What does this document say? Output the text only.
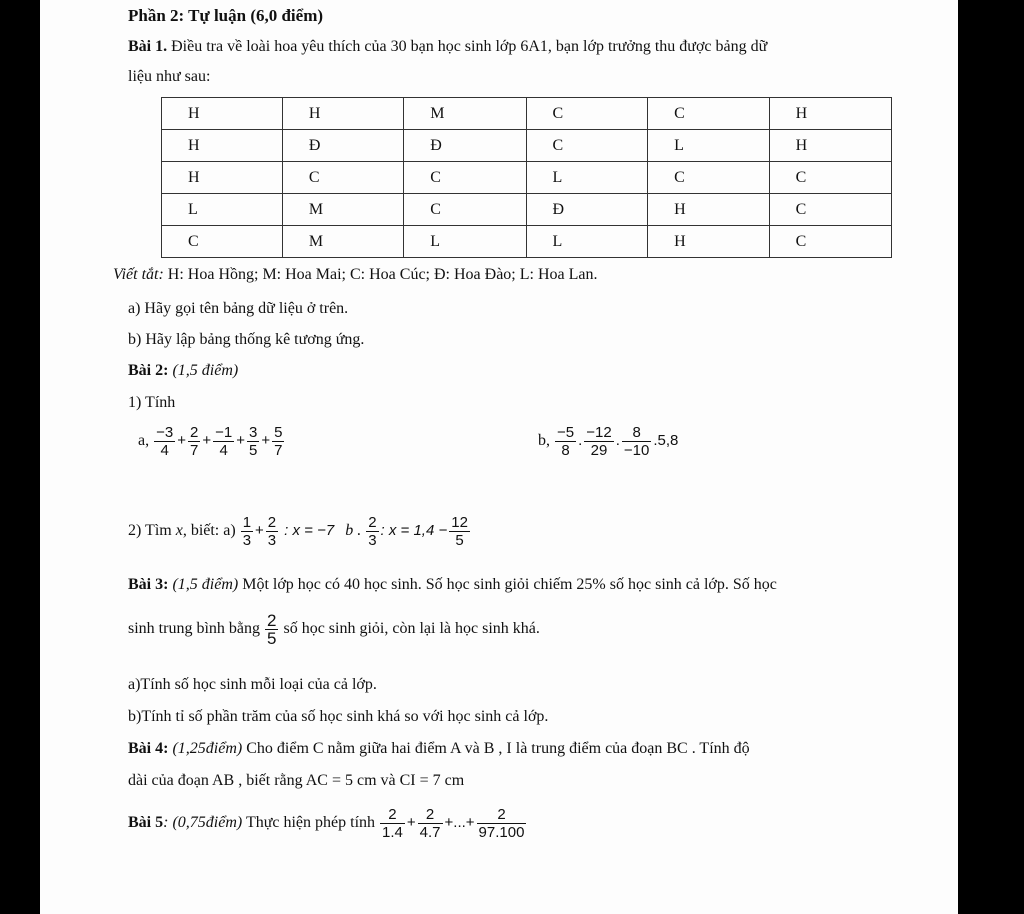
Phần 2: Tự luận (6,0 điểm)
Bài 1. Điều tra về loài hoa yêu thích của 30 bạn học sinh lớp 6A1, bạn lớp trưởng thu được bảng dữ
liệu như sau:
H	H	M	C	C	H
H	Đ	Đ	C	L	H
H	C	C	L	C	C
L	M	C	Đ	H	C
C	M	L	L	H	C
Viết tắt: H: Hoa Hồng; M: Hoa Mai; C: Hoa Cúc; Đ: Hoa Đào; L: Hoa Lan.
a) Hãy gọi tên bảng dữ liệu ở trên.
b) Hãy lập bảng thống kê tương ứng.
Bài 2: (1,5 điểm)
1) Tính
a, $\frac{-3}{4} + \frac{2}{7} + \frac{-1}{4} + \frac{3}{5} + \frac{5}{7}$	b, $\frac{-5}{8}$ . $\frac{-12}{29}$ . $\frac{8}{-10} .5,8$
2) Tìm x, biết: $a) \frac{1}{3} + \frac{2}{3}$ : x = −7 b . $\frac{2}{3}$ : $x = 1,4 - \frac{12}{5}$
Bài 3: (1,5 điểm) Một lớp học có 40 học sinh. Số học sinh giỏi chiếm 25% số học sinh cả lớp. Số học
sinh trung bình bằng $\frac{2}{5}$ số học sinh giỏi, còn lại là học sinh khá.
a)Tính số học sinh mỗi loại của cả lớp.
b)Tính tỉ số phần trăm của số học sinh khá so với học sinh cả lớp.
Bài 4: (1,25điểm) Cho điểm C nằm giữa hai điểm A và B , I là trung điểm của đoạn BC . Tính độ
dài của đoạn AB , biết rằng AC = 5 cm và CI = 7 cm
Bài 5: (0,75điểm) Thực hiện phép tính $\frac{2}{1.4} + \frac{2}{4.7}$ +...+ $\frac{2}{97.100}$
